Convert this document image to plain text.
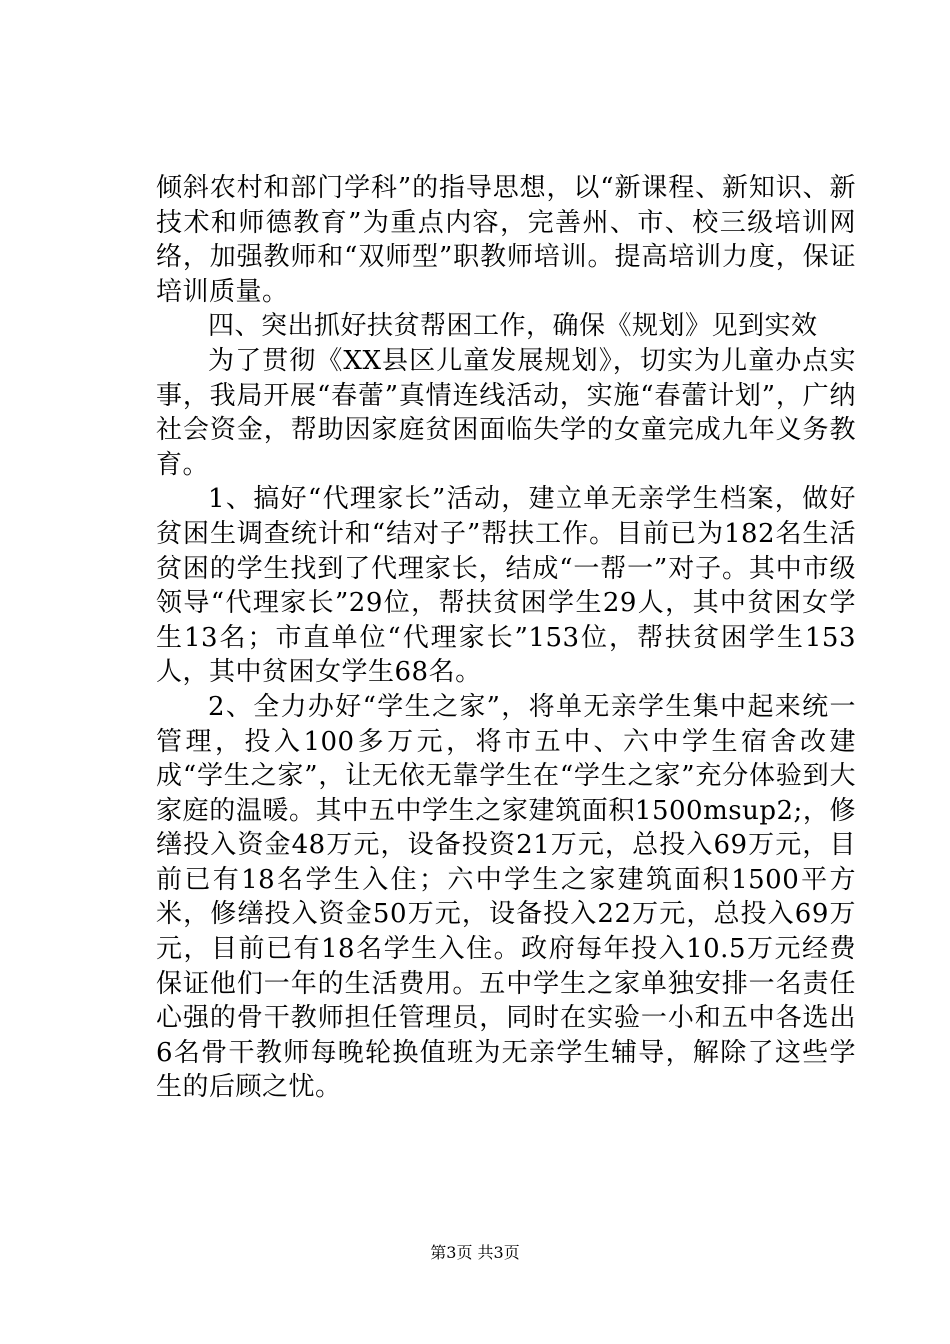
倾斜农村和部门学科”的指导思想，以“新课程、新知识、新技术和师德教育”为重点内容，完善州、市、校三级培训网络，加强教师和“双师型”职教师培训。提高培训力度，保证培训质量。

四、突出抓好扶贫帮困工作，确保《规划》见到实效

为了贯彻《XX县区儿童发展规划》，切实为儿童办点实事，我局开展“春蕾”真情连线活动，实施“春蕾计划”，广纳社会资金，帮助因家庭贫困面临失学的女童完成九年义务教育。

1、搞好“代理家长”活动，建立单无亲学生档案，做好贫困生调查统计和“结对子”帮扶工作。目前已为182名生活贫困的学生找到了代理家长，结成“一帮一”对子。其中市级领导“代理家长”29位，帮扶贫困学生29人，其中贫困女学生13名；市直单位“代理家长”153位，帮扶贫困学生153人，其中贫困女学生68名。

2、全力办好“学生之家”，将单无亲学生集中起来统一管理，投入100多万元，将市五中、六中学生宿舍改建成“学生之家”，让无依无靠学生在“学生之家”充分体验到大家庭的温暖。其中五中学生之家建筑面积1500msup2;，修缮投入资金48万元，设备投资21万元，总投入69万元，目前已有18名学生入住；六中学生之家建筑面积1500平方米，修缮投入资金50万元，设备投入22万元，总投入69万元，目前已有18名学生入住。政府每年投入10.5万元经费保证他们一年的生活费用。五中学生之家单独安排一名责任心强的骨干教师担任管理员，同时在实验一小和五中各选出6名骨干教师每晚轮换值班为无亲学生辅导，解除了这些学生的后顾之忧。

第3页 共3页
